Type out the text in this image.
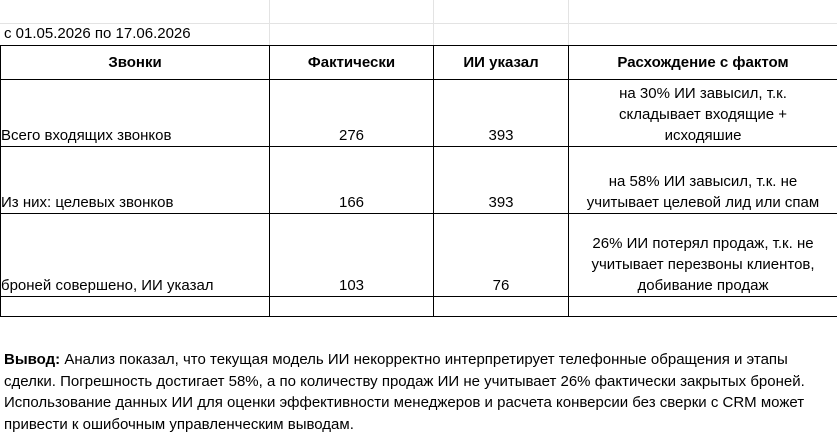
с 01.05.2026 по 17.06.2026
Звонки	Фактически	ИИ указал	Расхождение с фактом
Всего входящих звонков	276	393	на 30% ИИ завысил, т.к.
складывает входящие +
исходяшие

Из них: целевых звонков	166	393	на 58% ИИ завысил, т.к. не
учитывает целевой лид или спам

броней совершено, ИИ указал	103	76	26% ИИ потерял продаж, т.к. не
учитывает перезвоны клиентов,
добивание продаж

Вывод: Анализ показал, что текущая модель ИИ некорректно интерпретирует телефонные обращения и этапы сделки. Погрешность достигает 58%, а по количеству продаж ИИ не учитывает 26% фактически закрытых броней. Использование данных ИИ для оценки эффективности менеджеров и расчета конверсии без сверки с CRM может привести к ошибочным управленческим выводам.
